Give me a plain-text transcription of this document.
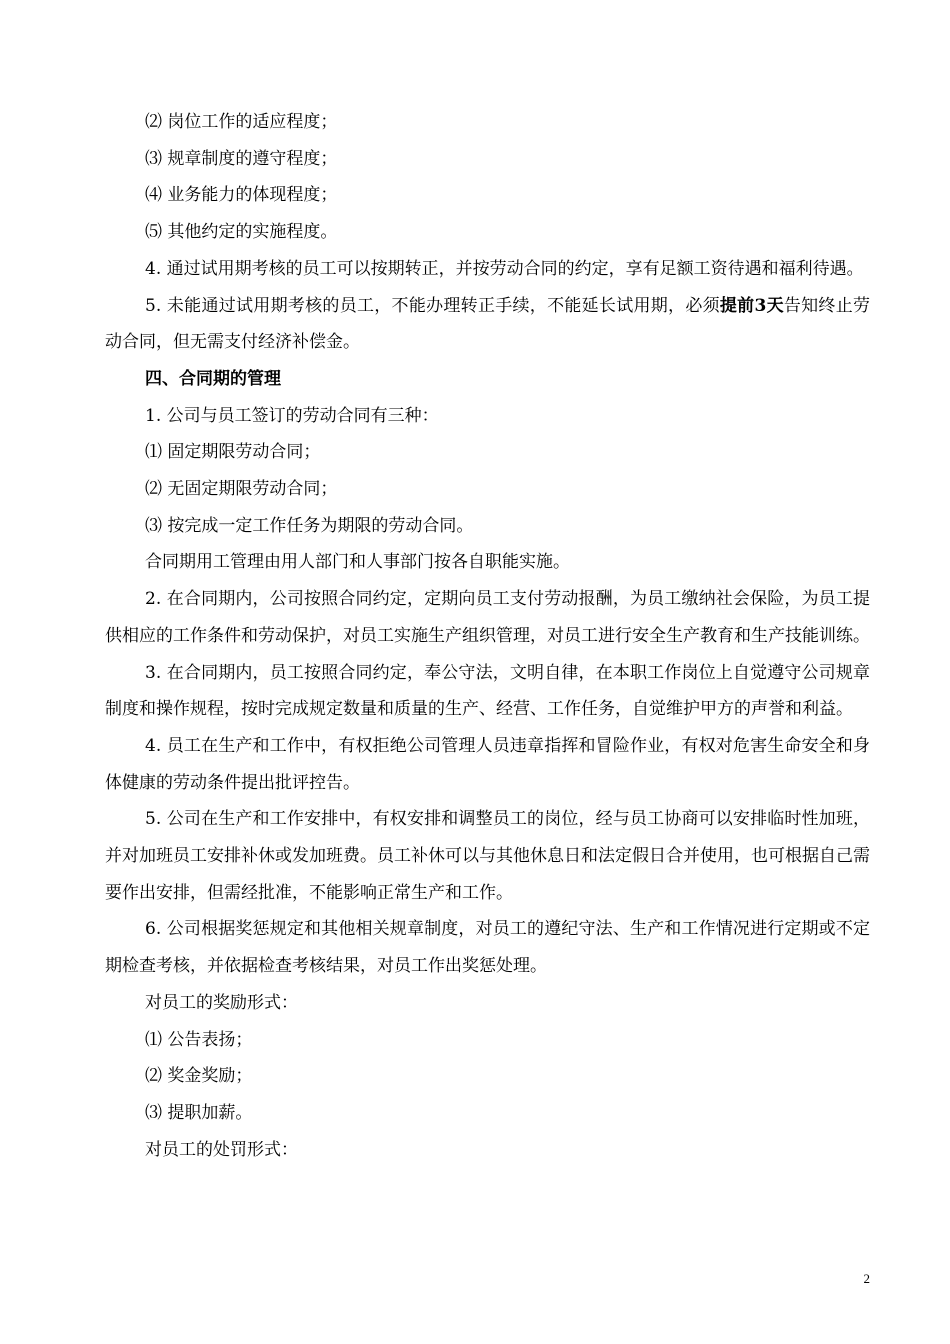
⑵ 岗位工作的适应程度；

⑶ 规章制度的遵守程度；

⑷ 业务能力的体现程度；

⑸ 其他约定的实施程度。

4. 通过试用期考核的员工可以按期转正，并按劳动合同的约定，享有足额工资待遇和福利待遇。

5. 未能通过试用期考核的员工，不能办理转正手续，不能延长试用期，必须提前3天告知终止劳动合同，但无需支付经济补偿金。

四、合同期的管理

1. 公司与员工签订的劳动合同有三种：

⑴ 固定期限劳动合同；

⑵ 无固定期限劳动合同；

⑶ 按完成一定工作任务为期限的劳动合同。

合同期用工管理由用人部门和人事部门按各自职能实施。

2. 在合同期内，公司按照合同约定，定期向员工支付劳动报酬，为员工缴纳社会保险，为员工提供相应的工作条件和劳动保护，对员工实施生产组织管理，对员工进行安全生产教育和生产技能训练。

3. 在合同期内，员工按照合同约定，奉公守法，文明自律，在本职工作岗位上自觉遵守公司规章制度和操作规程，按时完成规定数量和质量的生产、经营、工作任务，自觉维护甲方的声誉和利益。

4. 员工在生产和工作中，有权拒绝公司管理人员违章指挥和冒险作业，有权对危害生命安全和身体健康的劳动条件提出批评控告。

5. 公司在生产和工作安排中，有权安排和调整员工的岗位，经与员工协商可以安排临时性加班，并对加班员工安排补休或发加班费。员工补休可以与其他休息日和法定假日合并使用，也可根据自己需要作出安排，但需经批准，不能影响正常生产和工作。

6. 公司根据奖惩规定和其他相关规章制度，对员工的遵纪守法、生产和工作情况进行定期或不定期检查考核，并依据检查考核结果，对员工作出奖惩处理。

对员工的奖励形式：

⑴ 公告表扬；

⑵ 奖金奖励；

⑶ 提职加薪。

对员工的处罚形式：

2
